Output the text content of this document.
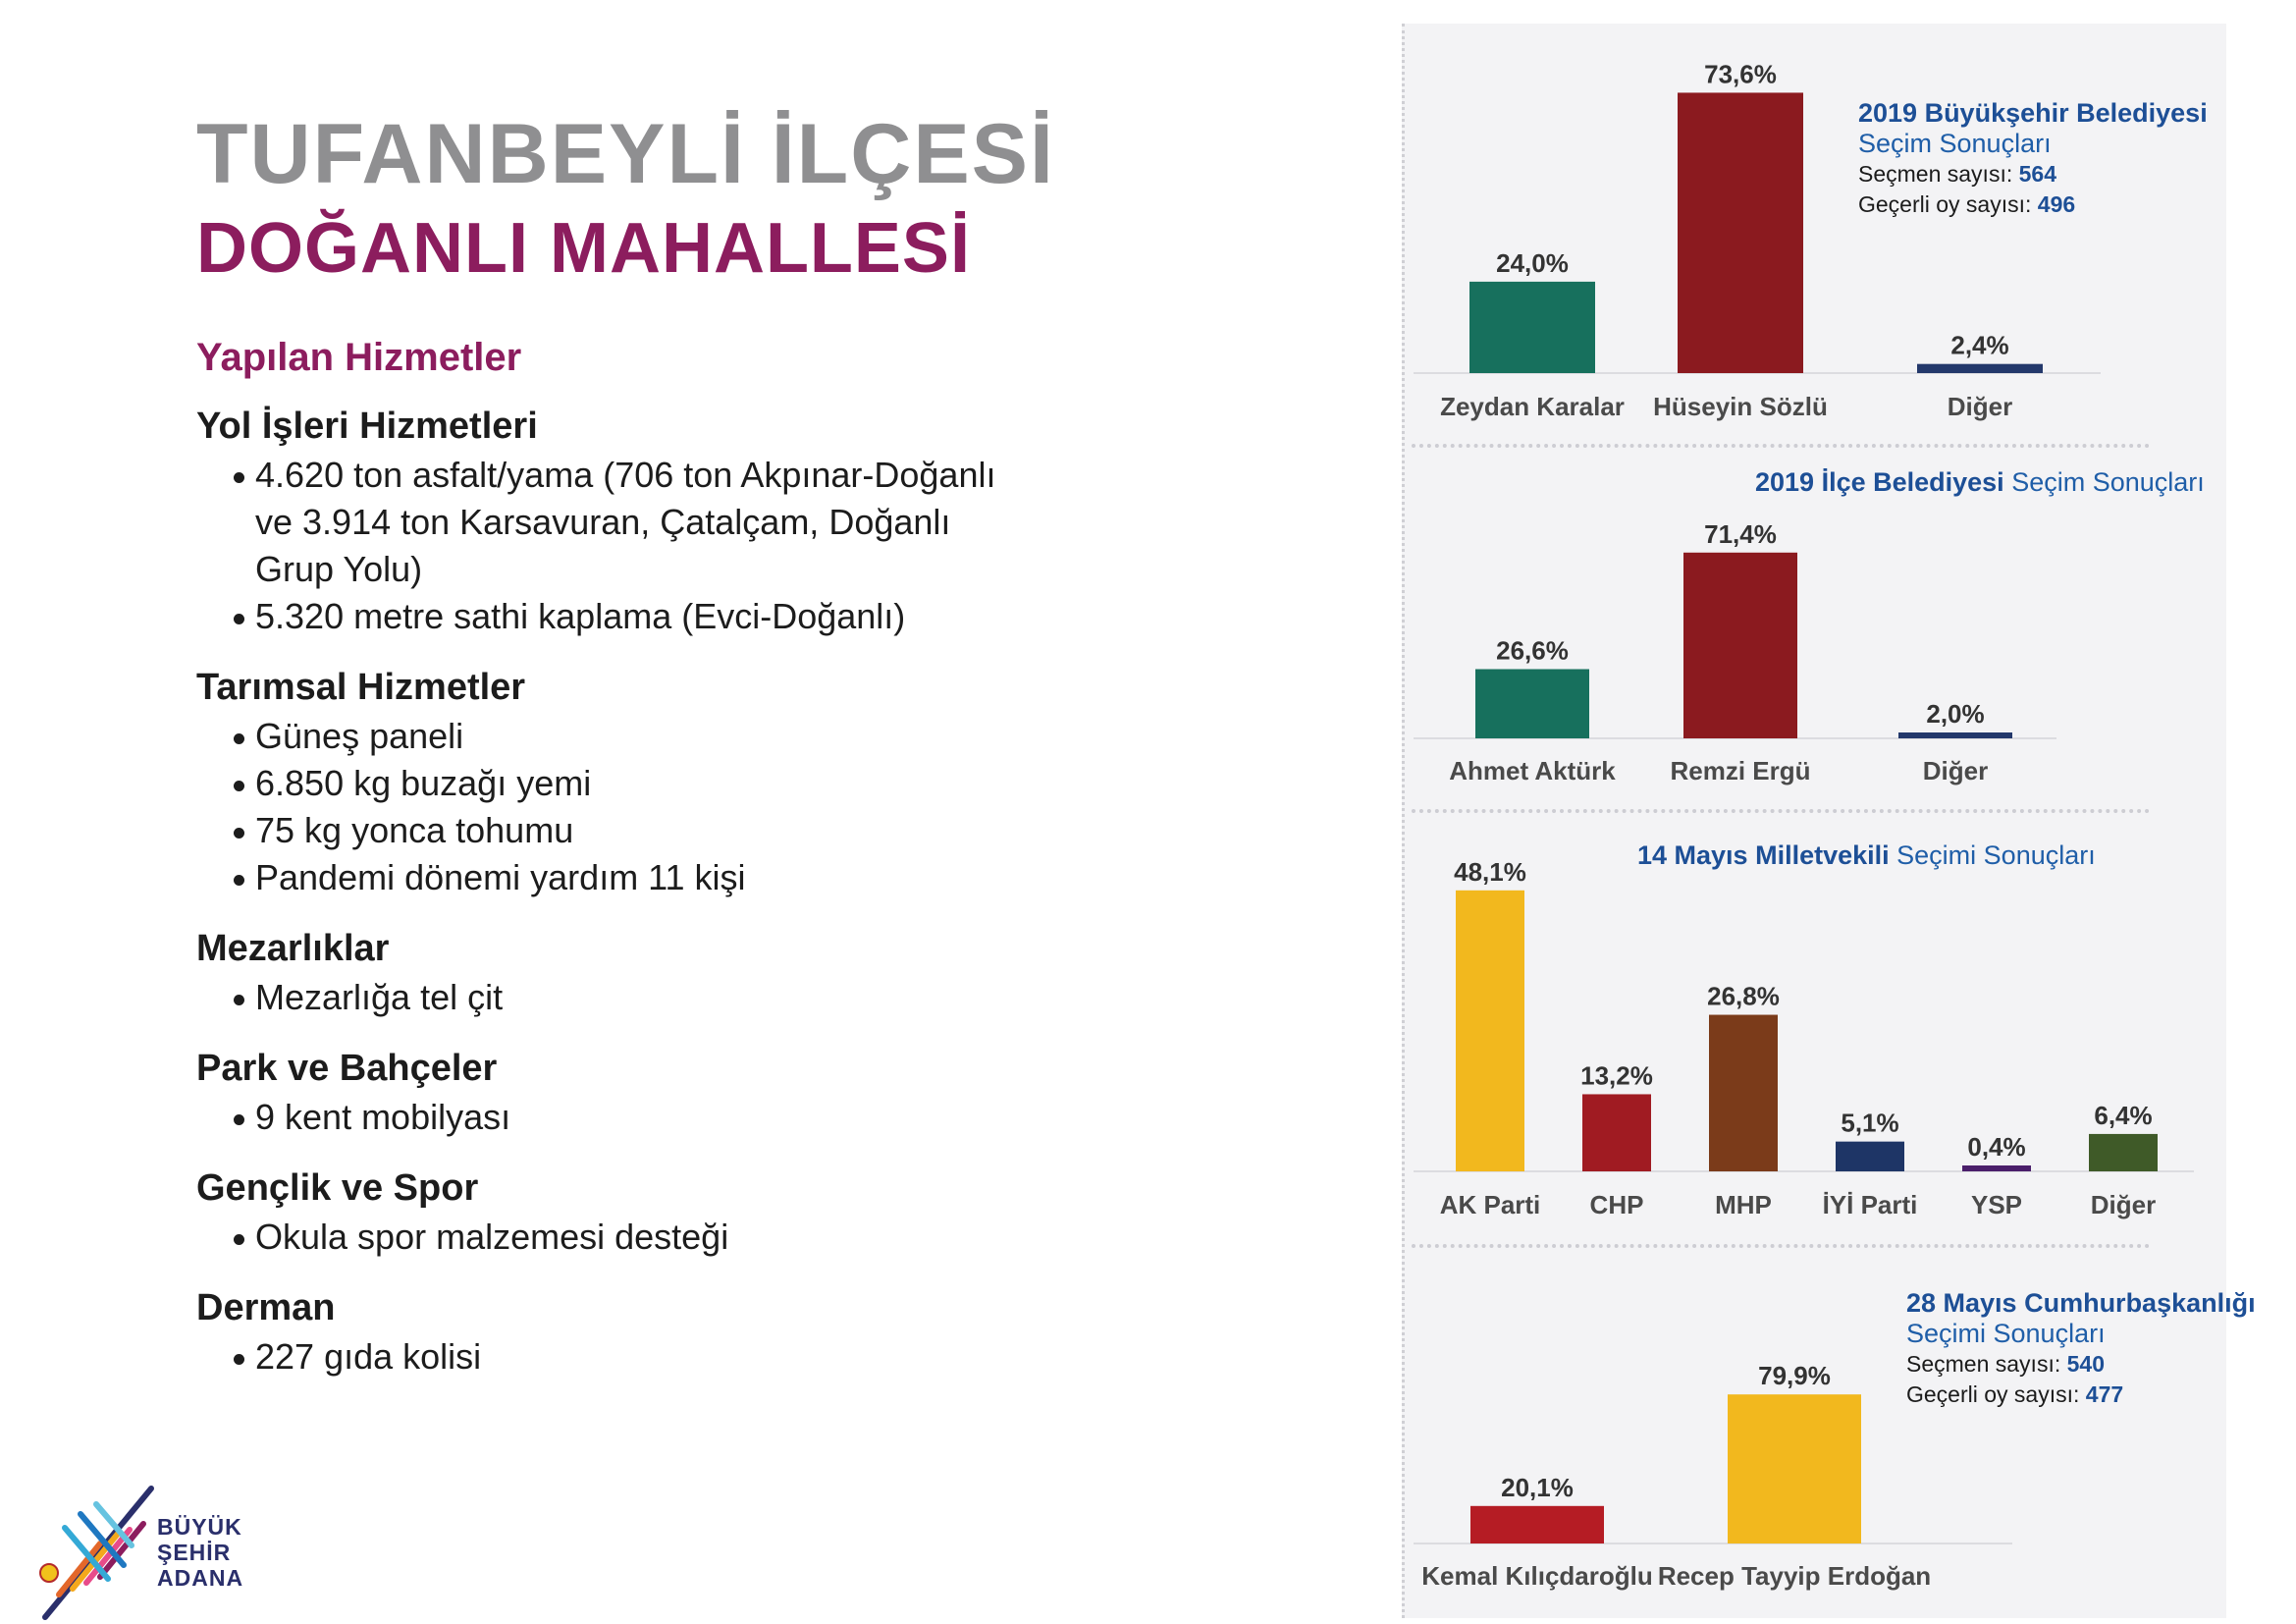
TUFANBEYLİ İLÇESİ
DOĞANLI MAHALLESİ
Yapılan Hizmetler
Yol İşleri Hizmetleri
4.620 ton asfalt/yama (706 ton Akpınar-Doğanlı ve 3.914 ton Karsavuran, Çatalçam, Doğanlı Grup Yolu)
5.320 metre sathi kaplama (Evci-Doğanlı)
Tarımsal Hizmetler
Güneş paneli
6.850 kg buzağı yemi
75 kg yonca tohumu
Pandemi dönemi yardım 11 kişi
Mezarlıklar
Mezarlığa tel çit
Park ve Bahçeler
9 kent mobilyası
Gençlik ve Spor
Okula spor malzemesi desteği
Derman
227 gıda kolisi
BÜYÜK
ŞEHİR
ADANA
2019 Büyükşehir Belediyesi
Seçim Sonuçları
Seçmen sayısı: 564
Geçerli oy sayısı: 496
2019 İlçe Belediyesi Seçim Sonuçları
14 Mayıs Milletvekili Seçimi Sonuçları
28 Mayıs Cumhurbaşkanlığı
Seçimi Sonuçları
Seçmen sayısı: 540
Geçerli oy sayısı: 477
24,0%
Zeydan Karalar
73,6%
Hüseyin Sözlü
2,4%
Diğer
26,6%
Ahmet Aktürk
71,4%
Remzi Ergü
2,0%
Diğer
48,1%
AK Parti
13,2%
CHP
26,8%
MHP
5,1%
İYİ Parti
0,4%
YSP
6,4%
Diğer
20,1%
Kemal Kılıçdaroğlu
79,9%
Recep Tayyip Erdoğan
